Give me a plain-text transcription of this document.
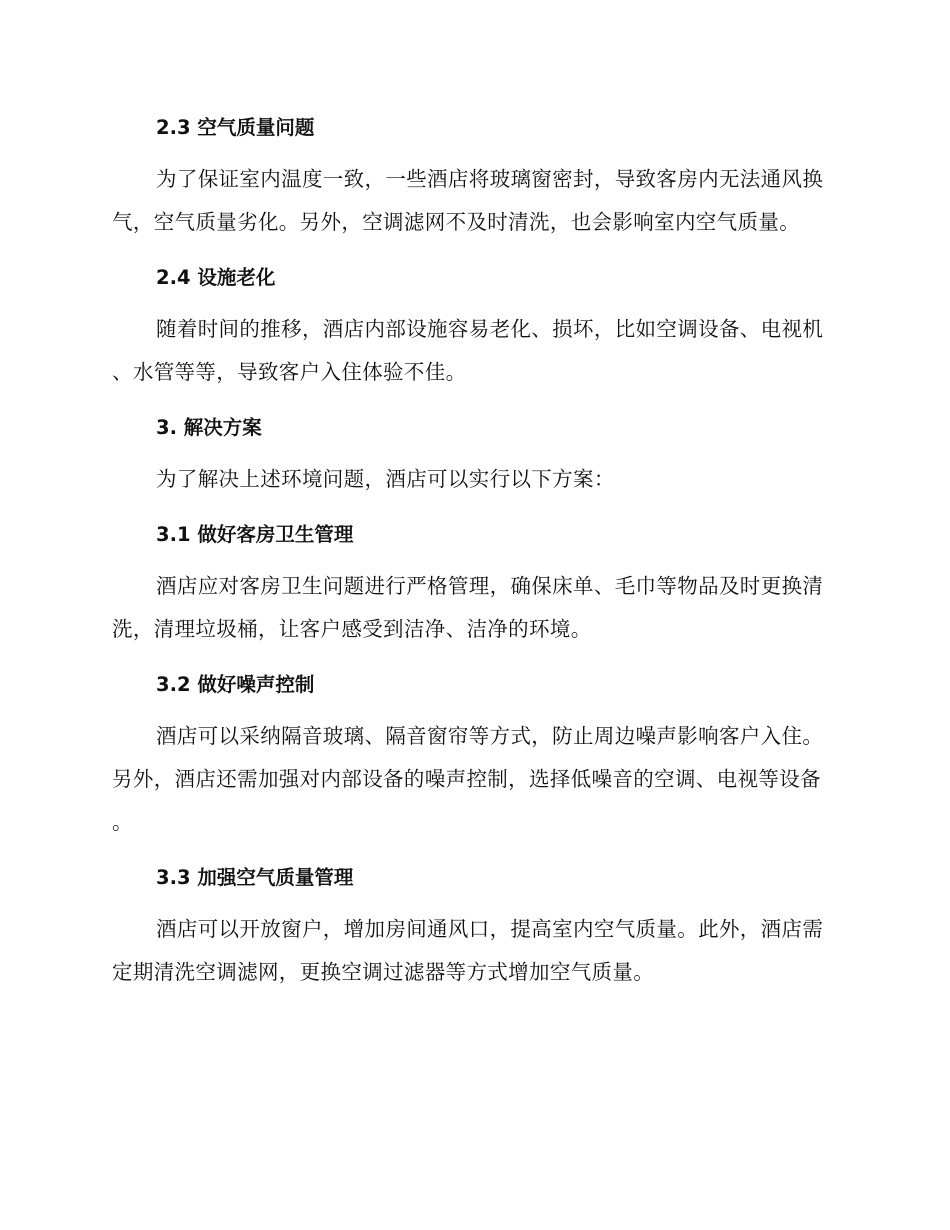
2.3 空气质量问题

为了保证室内温度一致，一些酒店将玻璃窗密封，导致客房内无法通风换气，空气质量劣化。另外，空调滤网不及时清洗，也会影响室内空气质量。

2.4 设施老化

随着时间的推移，酒店内部设施容易老化、损坏，比如空调设备、电视机、水管等等，导致客户入住体验不佳。

3. 解决方案

为了解决上述环境问题，酒店可以实行以下方案：

3.1 做好客房卫生管理

酒店应对客房卫生问题进行严格管理，确保床单、毛巾等物品及时更换清洗，清理垃圾桶，让客户感受到洁净、洁净的环境。

3.2 做好噪声控制

酒店可以采纳隔音玻璃、隔音窗帘等方式，防止周边噪声影响客户入住。另外，酒店还需加强对内部设备的噪声控制，选择低噪音的空调、电视等设备。

3.3 加强空气质量管理

酒店可以开放窗户，增加房间通风口，提高室内空气质量。此外，酒店需定期清洗空调滤网，更换空调过滤器等方式增加空气质量。
